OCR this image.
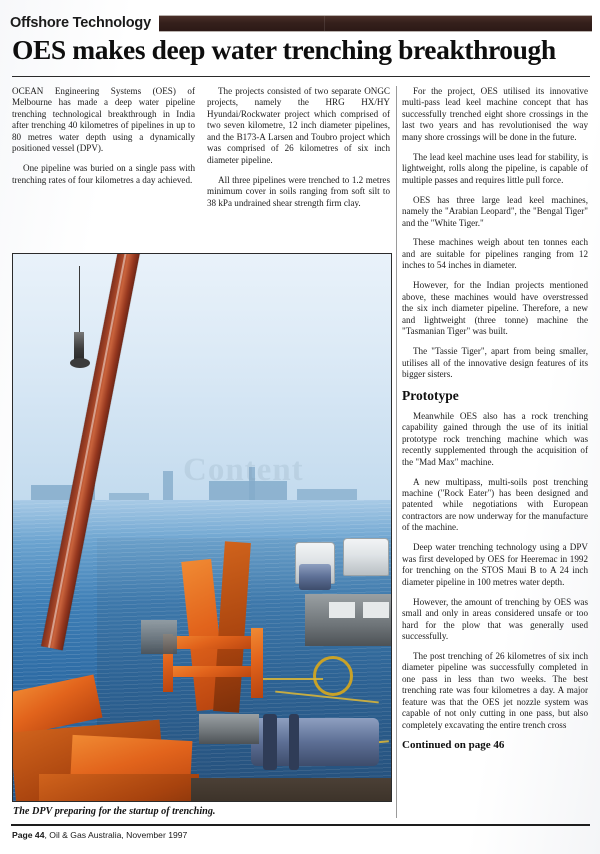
Offshore Technology
OES makes deep water trenching breakthrough

OCEAN Engineering Systems (OES) of Melbourne has made a deep water pipeline trenching technological breakthrough in India after trenching 40 kilometres of pipelines in up to 80 metres water depth using a dynamically positioned vessel (DPV).

One pipeline was buried on a single pass with trenching rates of four kilometres a day achieved.

The projects consisted of two separate ONGC projects, namely the HRG HX/HY Hyundai/Rockwater project which comprised of two seven kilometre, 12 inch diameter pipelines, and the B173-A Larsen and Toubro project which was comprised of 26 kilometres of six inch diameter pipeline.

All three pipelines were trenched to 1.2 metres minimum cover in soils ranging from soft silt to 38 kPa undrained shear strength firm clay.

For the project, OES utilised its innovative multi-pass lead keel machine concept that has successfully trenched eight shore crossings in the last two years and has revolutionised the way many shore crossings will be done in the future.

The lead keel machine uses lead for stability, is lightweight, rolls along the pipeline, is capable of multiple passes and requires little pull force.

OES has three large lead keel machines, namely the "Arabian Leopard", the "Bengal Tiger" and the "White Tiger."

These machines weigh about ten tonnes each and are suitable for pipelines ranging from 12 inches to 54 inches in diameter.

However, for the Indian projects mentioned above, these machines would have overstressed the six inch diameter pipeline. Therefore, a new and lightweight (three tonne) machine the "Tasmanian Tiger" was built.

The "Tassie Tiger", apart from being smaller, utilises all of the innovative design features of its bigger sisters.

Prototype

Meanwhile OES also has a rock trenching capability gained through the use of its initial prototype rock trenching machine which was recently supplemented through the acquisition of the "Mad Max" machine.

A new multipass, multi-soils post trenching machine ("Rock Eater") has been designed and patented while negotiations with European contractors are now underway for the manufacture of the machine.

Deep water trenching technology using a DPV was first developed by OES for Heeremac in 1992 for trenching on the STOS Maui B to A 24 inch diameter pipeline in 100 metres water depth.

However, the amount of trenching by OES was small and only in areas considered unsafe or too hard for the plow that was generally used successfully.

The post trenching of 26 kilometres of six inch diameter pipeline was successfully completed in one pass in less than two weeks. The best trenching rate was four kilometres a day. A major feature was that the OES jet nozzle system was capable of not only cutting in one pass, but also completely excavating the entire trench cross

Continued on page 46
The DPV preparing for the startup of trenching.
Page 44, Oil & Gas Australia, November 1997
